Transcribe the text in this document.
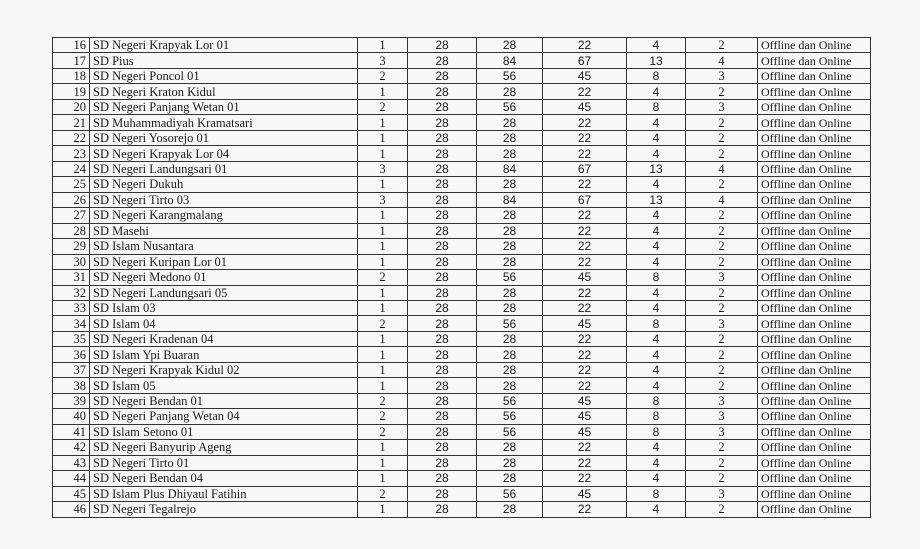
16	SD Negeri Krapyak Lor 01	1	28	28	22	4	2	Offline dan Online
17	SD Pius	3	28	84	67	13	4	Offline dan Online
18	SD Negeri Poncol 01	2	28	56	45	8	3	Offline dan Online
19	SD Negeri Kraton Kidul	1	28	28	22	4	2	Offline dan Online
20	SD Negeri Panjang Wetan 01	2	28	56	45	8	3	Offline dan Online
21	SD Muhammadiyah Kramatsari	1	28	28	22	4	2	Offline dan Online
22	SD Negeri Yosorejo 01	1	28	28	22	4	2	Offline dan Online
23	SD Negeri Krapyak Lor 04	1	28	28	22	4	2	Offline dan Online
24	SD Negeri Landungsari 01	3	28	84	67	13	4	Offline dan Online
25	SD Negeri Dukuh	1	28	28	22	4	2	Offline dan Online
26	SD Negeri Tirto 03	3	28	84	67	13	4	Offline dan Online
27	SD Negeri Karangmalang	1	28	28	22	4	2	Offline dan Online
28	SD Masehi	1	28	28	22	4	2	Offline dan Online
29	SD Islam Nusantara	1	28	28	22	4	2	Offline dan Online
30	SD Negeri Kuripan Lor 01	1	28	28	22	4	2	Offline dan Online
31	SD Negeri Medono 01	2	28	56	45	8	3	Offline dan Online
32	SD Negeri Landungsari 05	1	28	28	22	4	2	Offline dan Online
33	SD Islam 03	1	28	28	22	4	2	Offline dan Online
34	SD Islam 04	2	28	56	45	8	3	Offline dan Online
35	SD Negeri Kradenan 04	1	28	28	22	4	2	Offline dan Online
36	SD Islam Ypi Buaran	1	28	28	22	4	2	Offline dan Online
37	SD Negeri Krapyak Kidul 02	1	28	28	22	4	2	Offline dan Online
38	SD Islam 05	1	28	28	22	4	2	Offline dan Online
39	SD Negeri Bendan 01	2	28	56	45	8	3	Offline dan Online
40	SD Negeri Panjang Wetan 04	2	28	56	45	8	3	Offline dan Online
41	SD Islam Setono 01	2	28	56	45	8	3	Offline dan Online
42	SD Negeri Banyurip Ageng	1	28	28	22	4	2	Offline dan Online
43	SD Negeri Tirto 01	1	28	28	22	4	2	Offline dan Online
44	SD Negeri Bendan 04	1	28	28	22	4	2	Offline dan Online
45	SD Islam Plus Dhiyaul Fatihin	2	28	56	45	8	3	Offline dan Online
46	SD Negeri Tegalrejo	1	28	28	22	4	2	Offline dan Online
